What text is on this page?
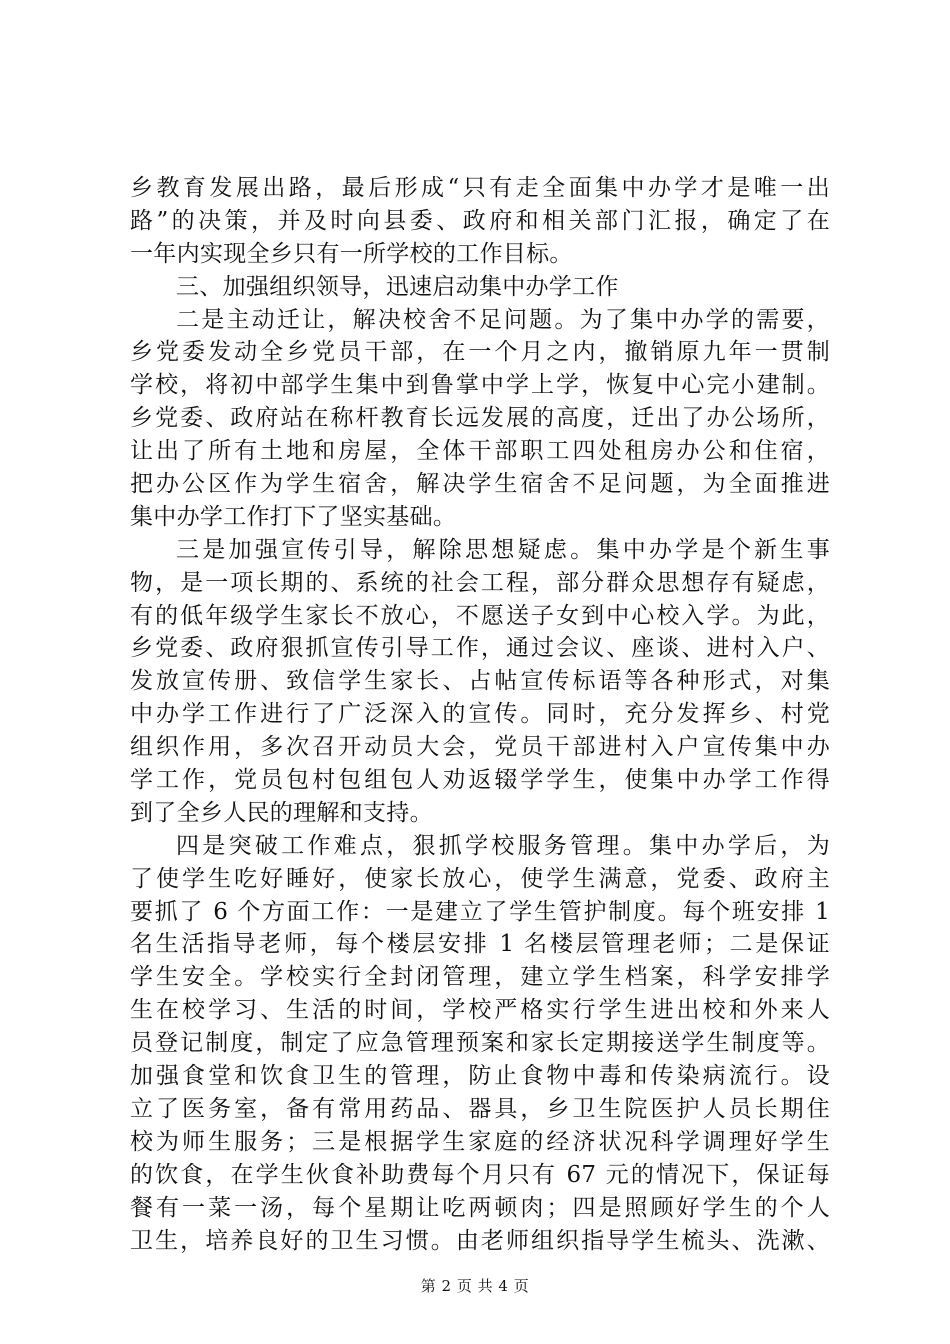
乡教育发展出路，最后形成“只有走全面集中办学才是唯一出
路”的决策，并及时向县委、政府和相关部门汇报，确定了在
一年内实现全乡只有一所学校的工作目标。
三、加强组织领导，迅速启动集中办学工作
二是主动迁让，解决校舍不足问题。为了集中办学的需要，
乡党委发动全乡党员干部，在一个月之内，撤销原九年一贯制
学校，将初中部学生集中到鲁掌中学上学，恢复中心完小建制。
乡党委、政府站在称杆教育长远发展的高度，迁出了办公场所，
让出了所有土地和房屋，全体干部职工四处租房办公和住宿，
把办公区作为学生宿舍，解决学生宿舍不足问题，为全面推进
集中办学工作打下了坚实基础。
三是加强宣传引导，解除思想疑虑。集中办学是个新生事
物，是一项长期的、系统的社会工程，部分群众思想存有疑虑，
有的低年级学生家长不放心，不愿送子女到中心校入学。为此，
乡党委、政府狠抓宣传引导工作，通过会议、座谈、进村入户、
发放宣传册、致信学生家长、占帖宣传标语等各种形式，对集
中办学工作进行了广泛深入的宣传。同时，充分发挥乡、村党
组织作用，多次召开动员大会，党员干部进村入户宣传集中办
学工作，党员包村包组包人劝返辍学学生，使集中办学工作得
到了全乡人民的理解和支持。
四是突破工作难点，狠抓学校服务管理。集中办学后，为
了使学生吃好睡好，使家长放心，使学生满意，党委、政府主
要抓了 6 个方面工作：一是建立了学生管护制度。每个班安排 1
名生活指导老师，每个楼层安排 1 名楼层管理老师；二是保证
学生安全。学校实行全封闭管理，建立学生档案，科学安排学
生在校学习、生活的时间，学校严格实行学生进出校和外来人
员登记制度，制定了应急管理预案和家长定期接送学生制度等。
加强食堂和饮食卫生的管理，防止食物中毒和传染病流行。设
立了医务室，备有常用药品、器具，乡卫生院医护人员长期住
校为师生服务；三是根据学生家庭的经济状况科学调理好学生
的饮食，在学生伙食补助费每个月只有 67 元的情况下，保证每
餐有一菜一汤，每个星期让吃两顿肉；四是照顾好学生的个人
卫生，培养良好的卫生习惯。由老师组织指导学生梳头、洗漱、
第 2 页 共 4 页
